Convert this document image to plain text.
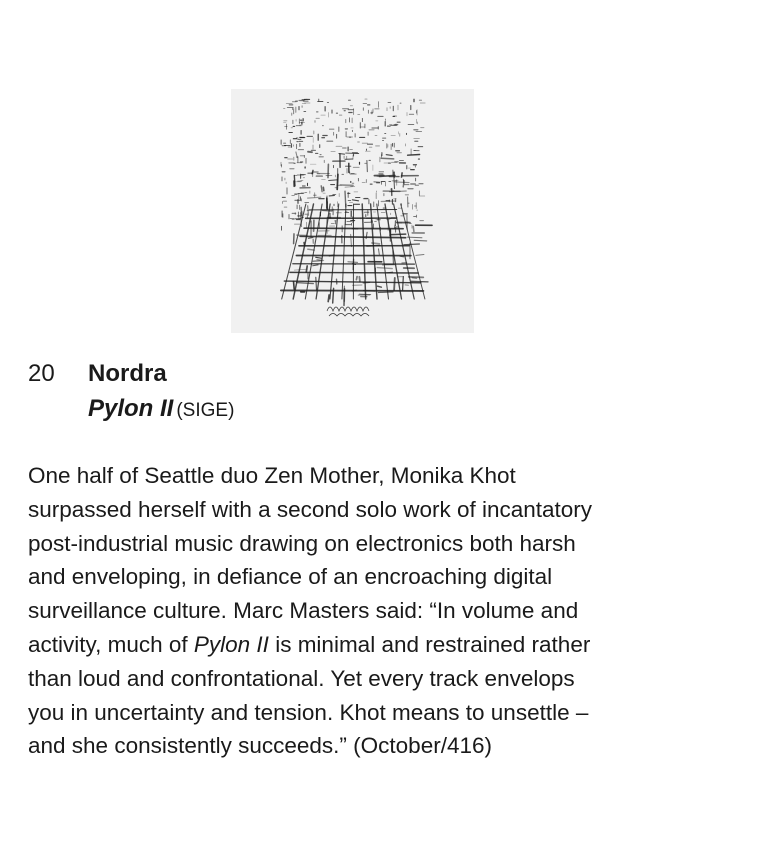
20 Nordra
Pylon II (SIGE)
One half of Seattle duo Zen Mother, Monika Khot
surpassed herself with a second solo work of incantatory
post-industrial music drawing on electronics both harsh
and enveloping, in defiance of an encroaching digital
surveillance culture. Marc Masters said: “In volume and
activity, much of Pylon II is minimal and restrained rather
than loud and confrontational. Yet every track envelops
you in uncertainty and tension. Khot means to unsettle –
and she consistently succeeds.” (October/416)
